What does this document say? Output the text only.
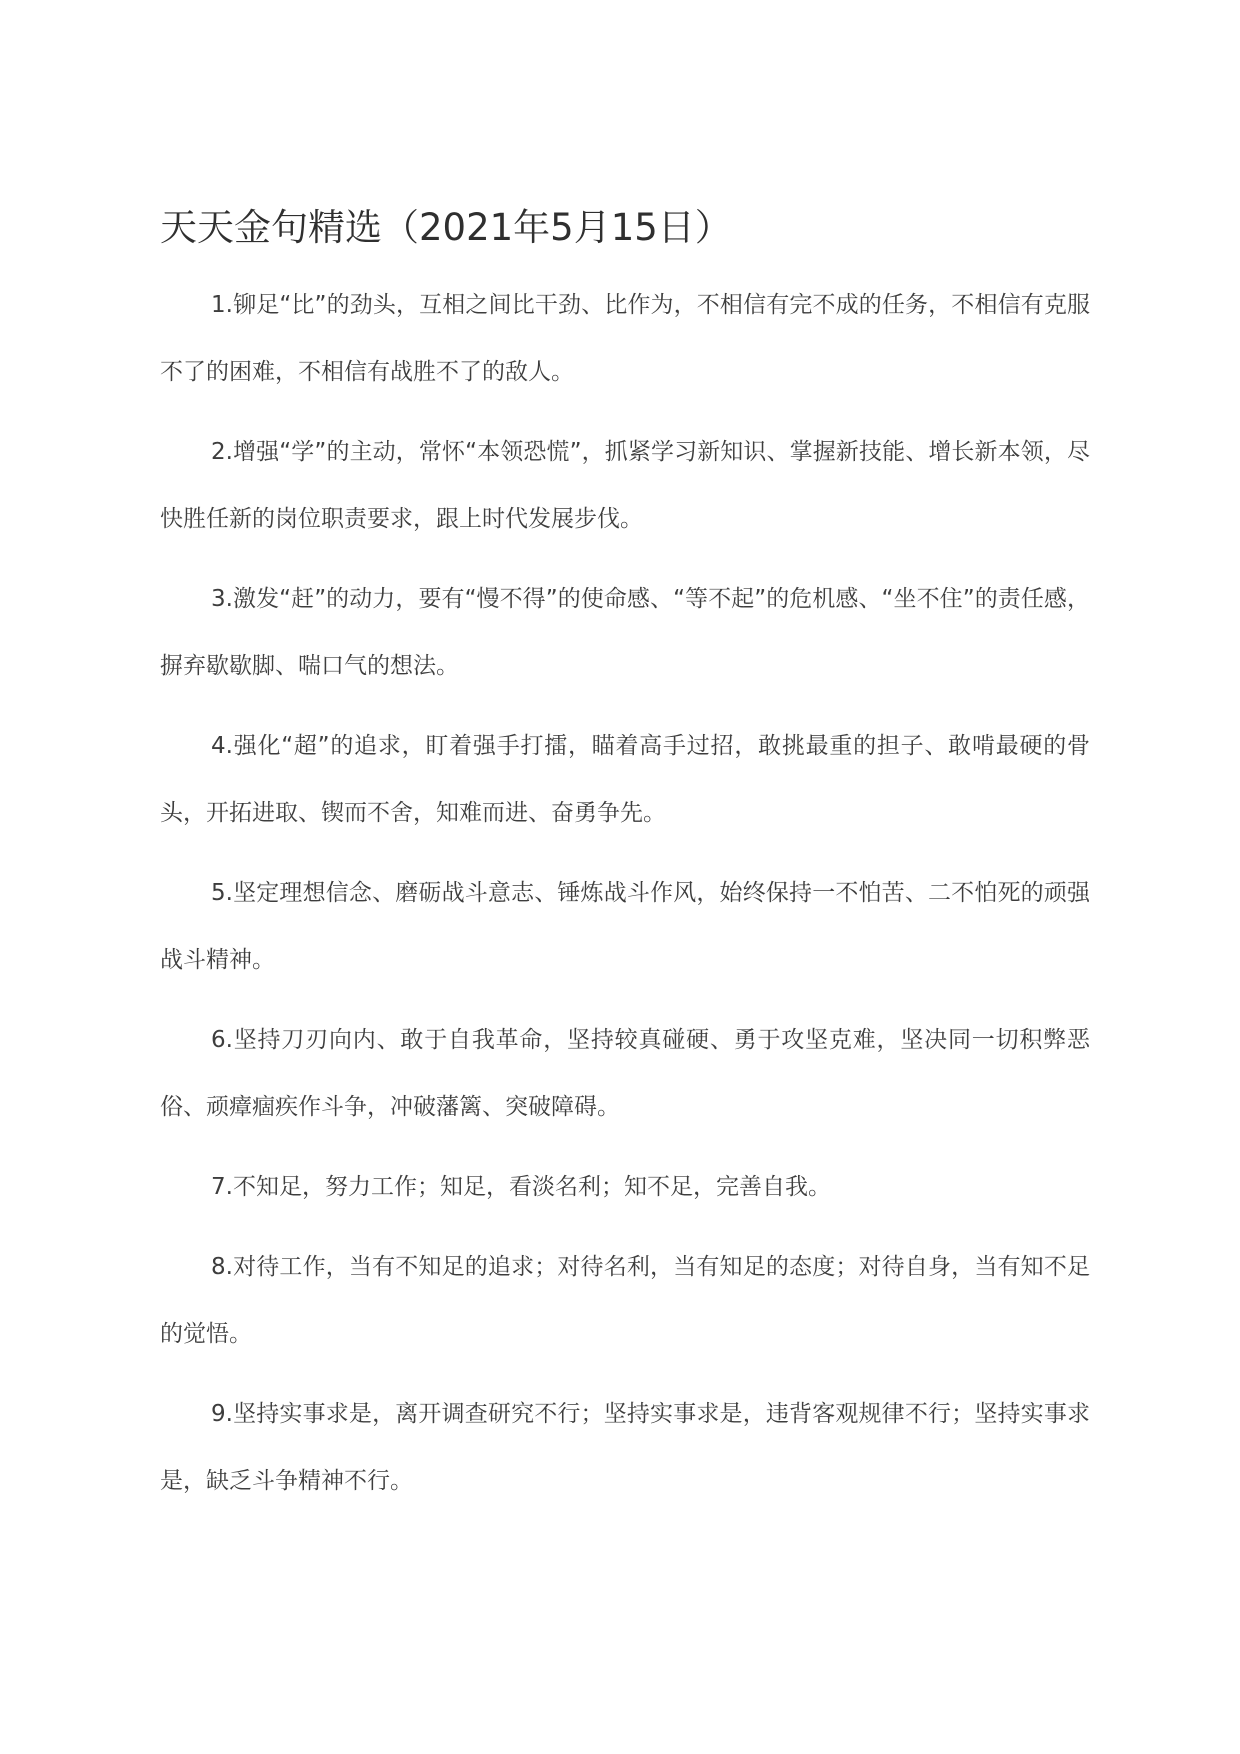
天天金句精选（2021年5月15日）

1.铆足“比”的劲头，互相之间比干劲、比作为，不相信有完不成的任务，不相信有克服不了的困难，不相信有战胜不了的敌人。

2.增强“学”的主动，常怀“本领恐慌”，抓紧学习新知识、掌握新技能、增长新本领，尽快胜任新的岗位职责要求，跟上时代发展步伐。

3.激发“赶”的动力，要有“慢不得”的使命感、“等不起”的危机感、“坐不住”的责任感，摒弃歇歇脚、喘口气的想法。

4.强化“超”的追求，盯着强手打擂，瞄着高手过招，敢挑最重的担子、敢啃最硬的骨头，开拓进取、锲而不舍，知难而进、奋勇争先。

5.坚定理想信念、磨砺战斗意志、锤炼战斗作风，始终保持一不怕苦、二不怕死的顽强战斗精神。

6.坚持刀刃向内、敢于自我革命，坚持较真碰硬、勇于攻坚克难，坚决同一切积弊恶俗、顽瘴痼疾作斗争，冲破藩篱、突破障碍。

7.不知足，努力工作；知足，看淡名利；知不足，完善自我。

8.对待工作，当有不知足的追求；对待名利，当有知足的态度；对待自身，当有知不足的觉悟。

9.坚持实事求是，离开调查研究不行；坚持实事求是，违背客观规律不行；坚持实事求是，缺乏斗争精神不行。
